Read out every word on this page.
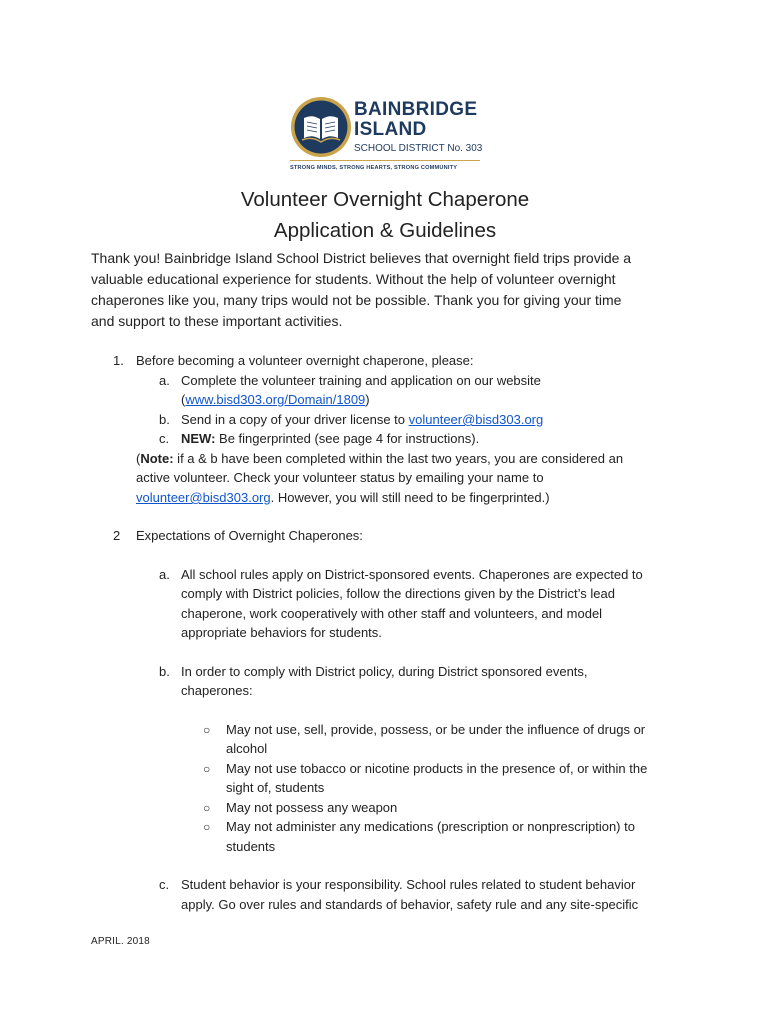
BAINBRIDGE
ISLAND
SCHOOL DISTRICT No. 303
STRONG MINDS, STRONG HEARTS, STRONG COMMUNITY
Volunteer Overnight Chaperone
Application & Guidelines
Thank you! Bainbridge Island School District believes that overnight field trips provide a
valuable educational experience for students. Without the help of volunteer overnight
chaperones like you, many trips would not be possible. Thank you for giving your time
and support to these important activities.
1. Before becoming a volunteer overnight chaperone, please:
a. Complete the volunteer training and application on our website
(www.bisd303.org/Domain/1809)
b. Send in a copy of your driver license to volunteer@bisd303.org
c. NEW: Be fingerprinted (see page 4 for instructions).
(Note: if a & b have been completed within the last two years, you are considered an
active volunteer. Check your volunteer status by emailing your name to
volunteer@bisd303.org. However, you will still need to be fingerprinted.)
2 Expectations of Overnight Chaperones:
a. All school rules apply on District-sponsored events. Chaperones are expected to
comply with District policies, follow the directions given by the District’s lead
chaperone, work cooperatively with other staff and volunteers, and model
appropriate behaviors for students.
b. In order to comply with District policy, during District sponsored events,
chaperones:
○ May not use, sell, provide, possess, or be under the influence of drugs or
alcohol
○ May not use tobacco or nicotine products in the presence of, or within the
sight of, students
○ May not possess any weapon
○ May not administer any medications (prescription or nonprescription) to
students
c. Student behavior is your responsibility. School rules related to student behavior
apply. Go over rules and standards of behavior, safety rule and any site-specific
APRIL. 2018
